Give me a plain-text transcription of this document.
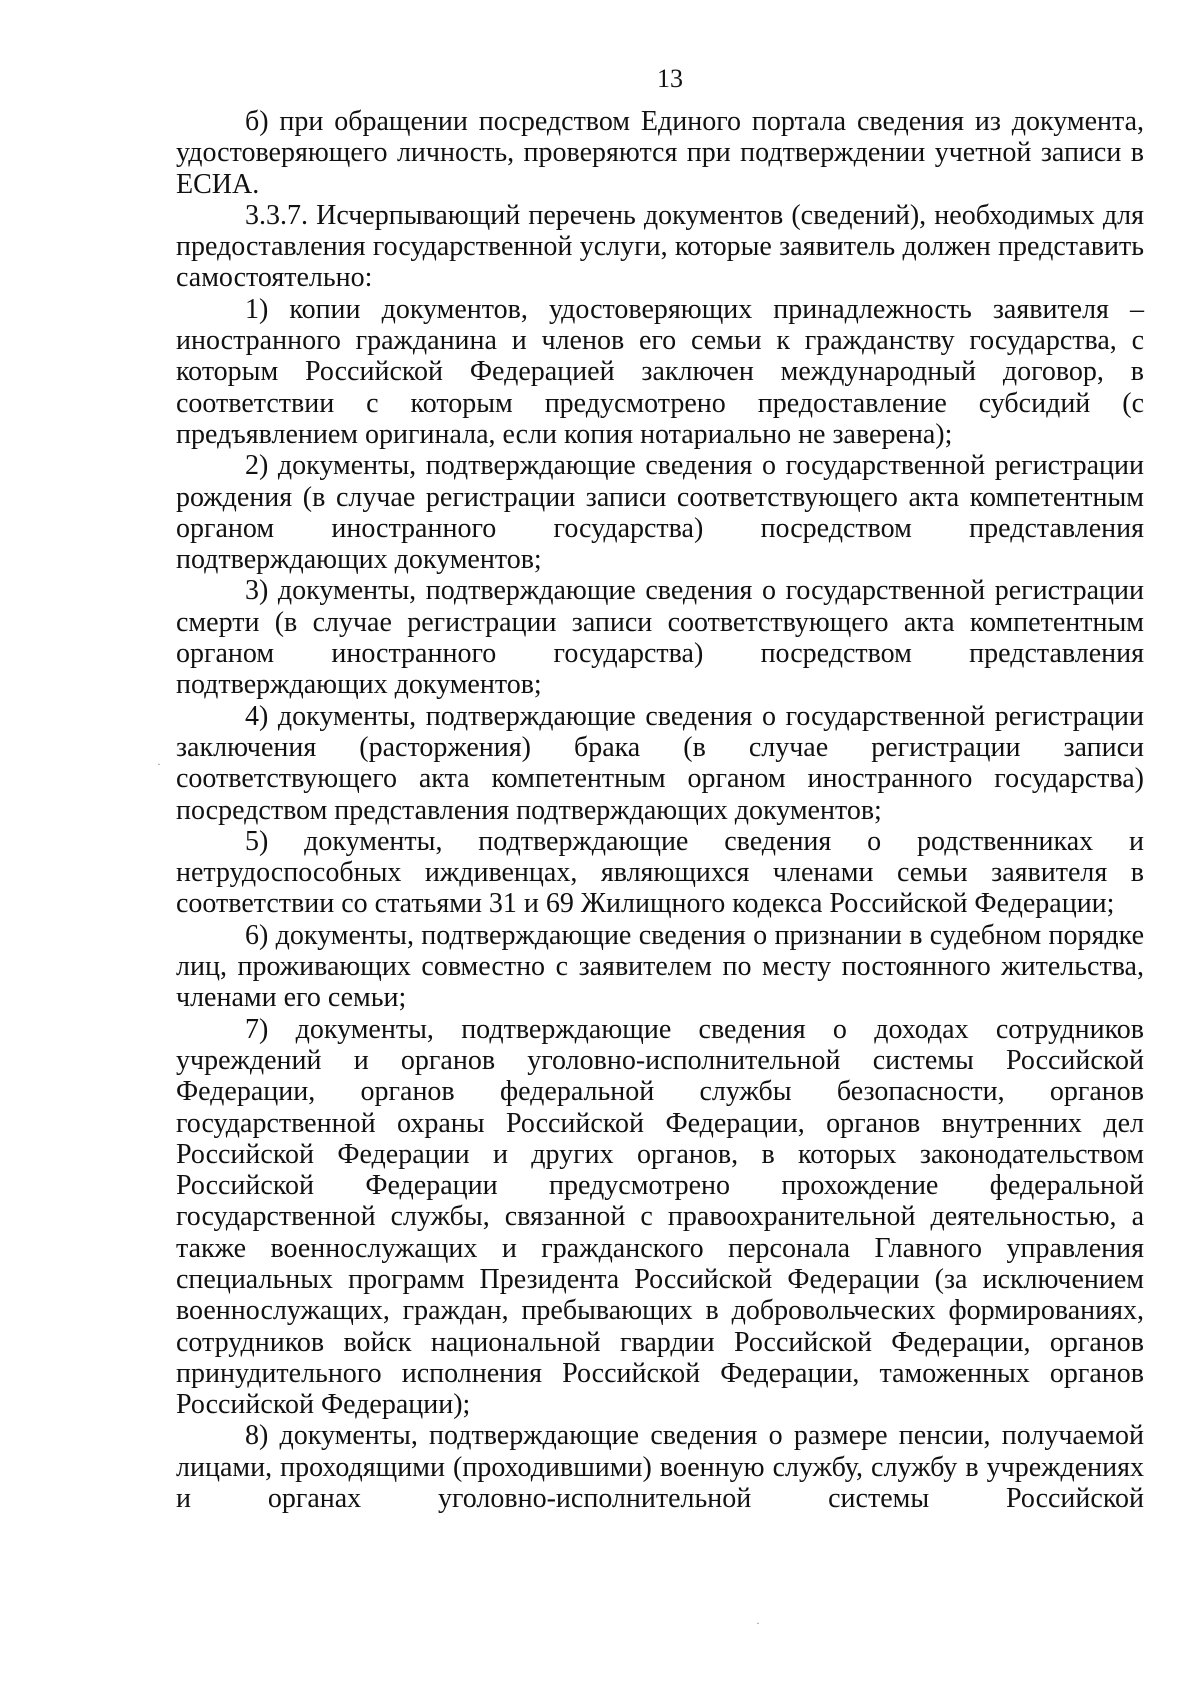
13

б) при обращении посредством Единого портала сведения из документа, удостоверяющего личность, проверяются при подтверждении учетной записи в ЕСИА.

3.3.7. Исчерпывающий перечень документов (сведений), необходимых для предоставления государственной услуги, которые заявитель должен представить самостоятельно:

1) копии документов, удостоверяющих принадлежность заявителя – иностранного гражданина и членов его семьи к гражданству государства, с которым Российской Федерацией заключен международный договор, в соответствии с которым предусмотрено предоставление субсидий (с предъявлением оригинала, если копия нотариально не заверена);

2) документы, подтверждающие сведения о государственной регистрации рождения (в случае регистрации записи соответствующего акта компетентным органом иностранного государства) посредством представления подтверждающих документов;

3) документы, подтверждающие сведения о государственной регистрации смерти (в случае регистрации записи соответствующего акта компетентным органом иностранного государства) посредством представления подтверждающих документов;

4) документы, подтверждающие сведения о государственной регистрации заключения (расторжения) брака (в случае регистрации записи соответствующего акта компетентным органом иностранного государства) посредством представления подтверждающих документов;

5) документы, подтверждающие сведения о родственниках и нетрудоспособных иждивенцах, являющихся членами семьи заявителя в соответствии со статьями 31 и 69 Жилищного кодекса Российской Федерации;

6) документы, подтверждающие сведения о признании в судебном порядке лиц, проживающих совместно с заявителем по месту постоянного жительства, членами его семьи;

7) документы, подтверждающие сведения о доходах сотрудников учреждений и органов уголовно-исполнительной системы Российской Федерации, органов федеральной службы безопасности, органов государственной охраны Российской Федерации, органов внутренних дел Российской Федерации и других органов, в которых законодательством Российской Федерации предусмотрено прохождение федеральной государственной службы, связанной с правоохранительной деятельностью, а также военнослужащих и гражданского персонала Главного управления специальных программ Президента Российской Федерации (за исключением военнослужащих, граждан, пребывающих в добровольческих формированиях, сотрудников войск национальной гвардии Российской Федерации, органов принудительного исполнения Российской Федерации, таможенных органов Российской Федерации);

8) документы, подтверждающие сведения о размере пенсии, получаемой лицами, проходящими (проходившими) военную службу, службу в учреждениях и органах уголовно-исполнительной системы Российской

·
·
